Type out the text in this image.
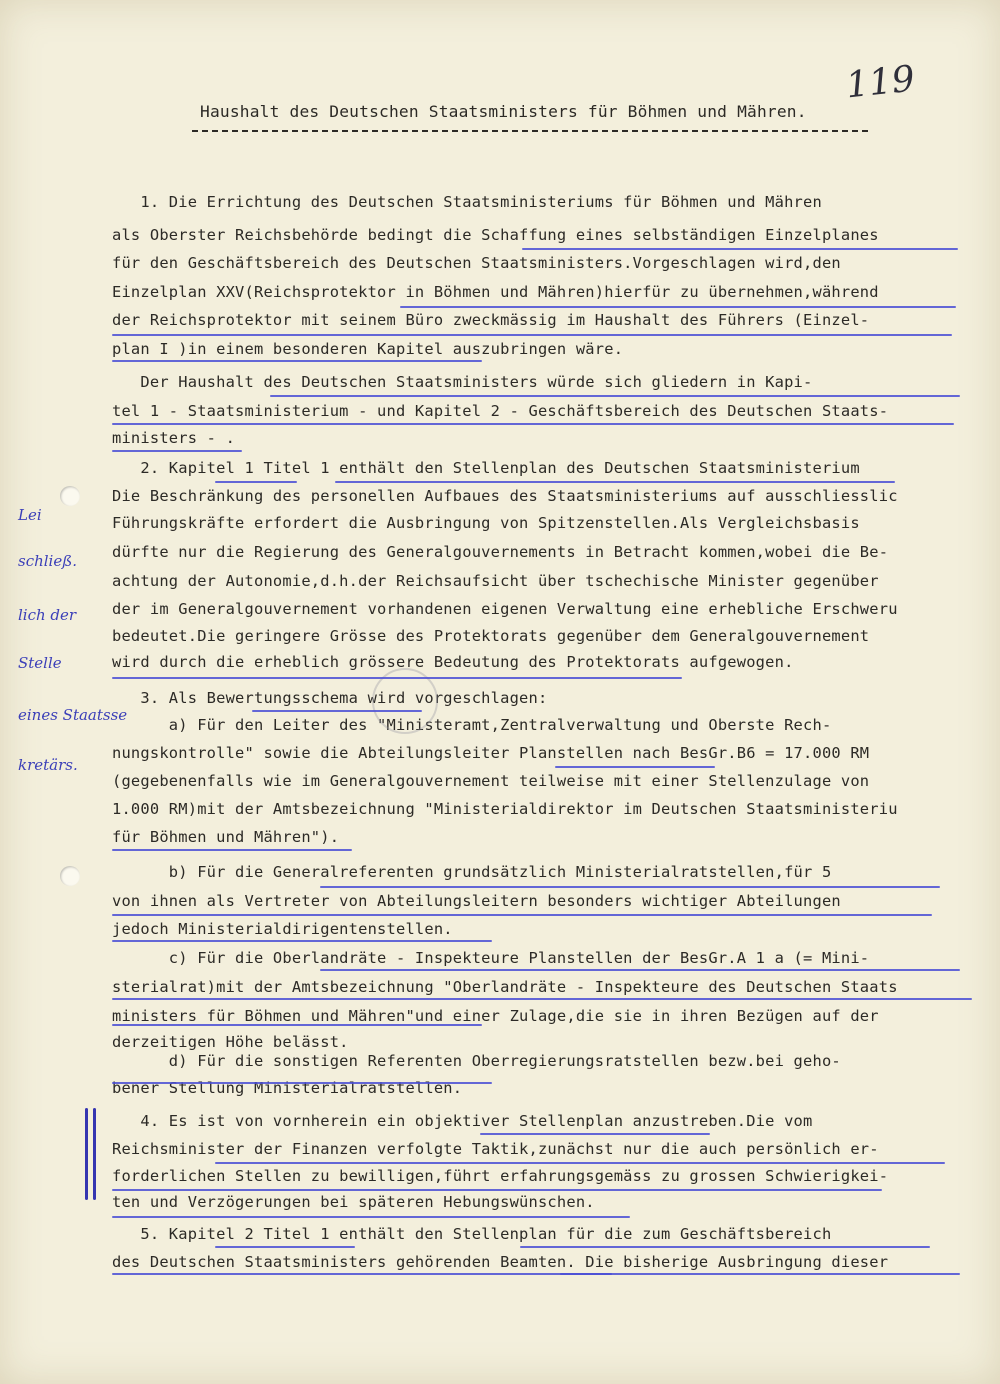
119
Haushalt des Deutschen Staatsministers für Böhmen und Mähren.
1. Die Errichtung des Deutschen Staatsministeriums für Böhmen und Mähren
als Oberster Reichsbehörde bedingt die Schaffung eines selbständigen Einzelplanes
für den Geschäftsbereich des Deutschen Staatsministers.Vorgeschlagen wird,den
Einzelplan XXV(Reichsprotektor in Böhmen und Mähren)hierfür zu übernehmen,während
der Reichsprotektor mit seinem Büro zweckmässig im Haushalt des Führers (Einzel-
plan I )in einem besonderen Kapitel auszubringen wäre.
Der Haushalt des Deutschen Staatsministers würde sich gliedern in Kapi-
tel 1 - Staatsministerium - und Kapitel 2 - Geschäftsbereich des Deutschen Staats-
ministers - .
2. Kapitel 1 Titel 1 enthält den Stellenplan des Deutschen Staatsministerium
Die Beschränkung des personellen Aufbaues des Staatsministeriums auf ausschliesslic
Führungskräfte erfordert die Ausbringung von Spitzenstellen.Als Vergleichsbasis
dürfte nur die Regierung des Generalgouvernements in Betracht kommen,wobei die Be-
achtung der Autonomie,d.h.der Reichsaufsicht über tschechische Minister gegenüber
der im Generalgouvernement vorhandenen eigenen Verwaltung eine erhebliche Erschweru
bedeutet.Die geringere Grösse des Protektorats gegenüber dem Generalgouvernement
wird durch die erheblich grössere Bedeutung des Protektorats aufgewogen.
3. Als Bewertungsschema wird vorgeschlagen:
a) Für den Leiter des "Ministeramt,Zentralverwaltung und Oberste Rech-
nungskontrolle" sowie die Abteilungsleiter Planstellen nach BesGr.B6 = 17.000 RM
(gegebenenfalls wie im Generalgouvernement teilweise mit einer Stellenzulage von
1.000 RM)mit der Amtsbezeichnung "Ministerialdirektor im Deutschen Staatsministeriu
für Böhmen und Mähren").
b) Für die Generalreferenten grundsätzlich Ministerialratstellen,für 5
von ihnen als Vertreter von Abteilungsleitern besonders wichtiger Abteilungen
jedoch Ministerialdirigentenstellen.
c) Für die Oberlandräte - Inspekteure Planstellen der BesGr.A 1 a (= Mini-
sterialrat)mit der Amtsbezeichnung "Oberlandräte - Inspekteure des Deutschen Staats
ministers für Böhmen und Mähren"und einer Zulage,die sie in ihren Bezügen auf der
derzeitigen Höhe belässt.
d) Für die sonstigen Referenten Oberregierungsratstellen bezw.bei geho-
bener Stellung Ministerialratstellen.
4. Es ist von vornherein ein objektiver Stellenplan anzustreben.Die vom
Reichsminister der Finanzen verfolgte Taktik,zunächst nur die auch persönlich er-
forderlichen Stellen zu bewilligen,führt erfahrungsgemäss zu grossen Schwierigkei-
ten und Verzögerungen bei späteren Hebungswünschen.
5. Kapitel 2 Titel 1 enthält den Stellenplan für die zum Geschäftsbereich
des Deutschen Staatsministers gehörenden Beamten. Die bisherige Ausbringung dieser
Lei
schließ.
lich der
Stelle
eines Staatsse
kretärs.
